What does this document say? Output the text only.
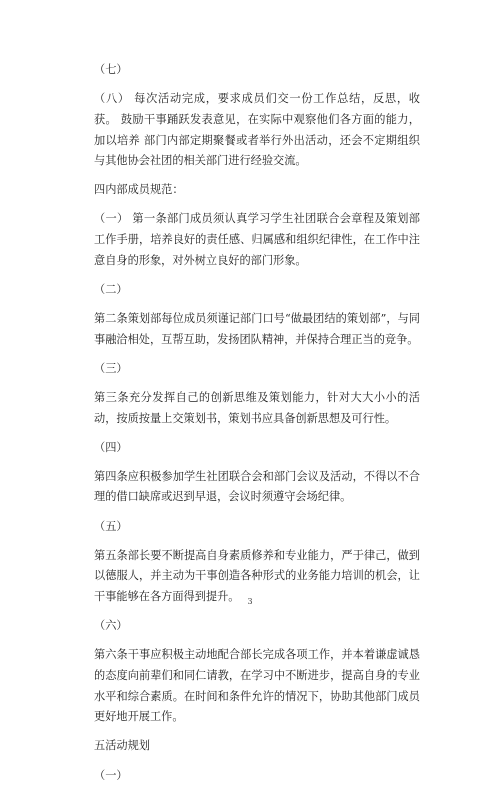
（七）

（八） 每次活动完成，要求成员们交一份工作总结，反思，收获。 鼓励干事踊跃发表意见，在实际中观察他们各方面的能力，加以培养 部门内部定期聚餐或者举行外出活动，还会不定期组织与其他协会社团的相关部门进行经验交流。

四内部成员规范：

（一） 第一条部门成员须认真学习学生社团联合会章程及策划部工作手册，培养良好的责任感、归属感和组织纪律性，在工作中注意自身的形象，对外树立良好的部门形象。

（二）

第二条策划部每位成员须谨记部门口号“做最团结的策划部”，与同事融洽相处，互帮互助，发扬团队精神，并保持合理正当的竞争。

（三）

第三条充分发挥自己的创新思维及策划能力，针对大大小小的活动，按质按量上交策划书，策划书应具备创新思想及可行性。

（四）

第四条应积极参加学生社团联合会和部门会议及活动，不得以不合理的借口缺席或迟到早退，会议时须遵守会场纪律。

（五）

第五条部长要不断提高自身素质修养和专业能力，严于律己，做到以德服人，并主动为干事创造各种形式的业务能力培训的机会，让干事能够在各方面得到提升。

（六）

第六条干事应积极主动地配合部长完成各项工作，并本着谦虚诚恳的态度向前辈们和同仁请教，在学习中不断进步，提高自身的专业水平和综合素质。在时间和条件允许的情况下，协助其他部门成员更好地开展工作。

五活动规划

（一）

3
